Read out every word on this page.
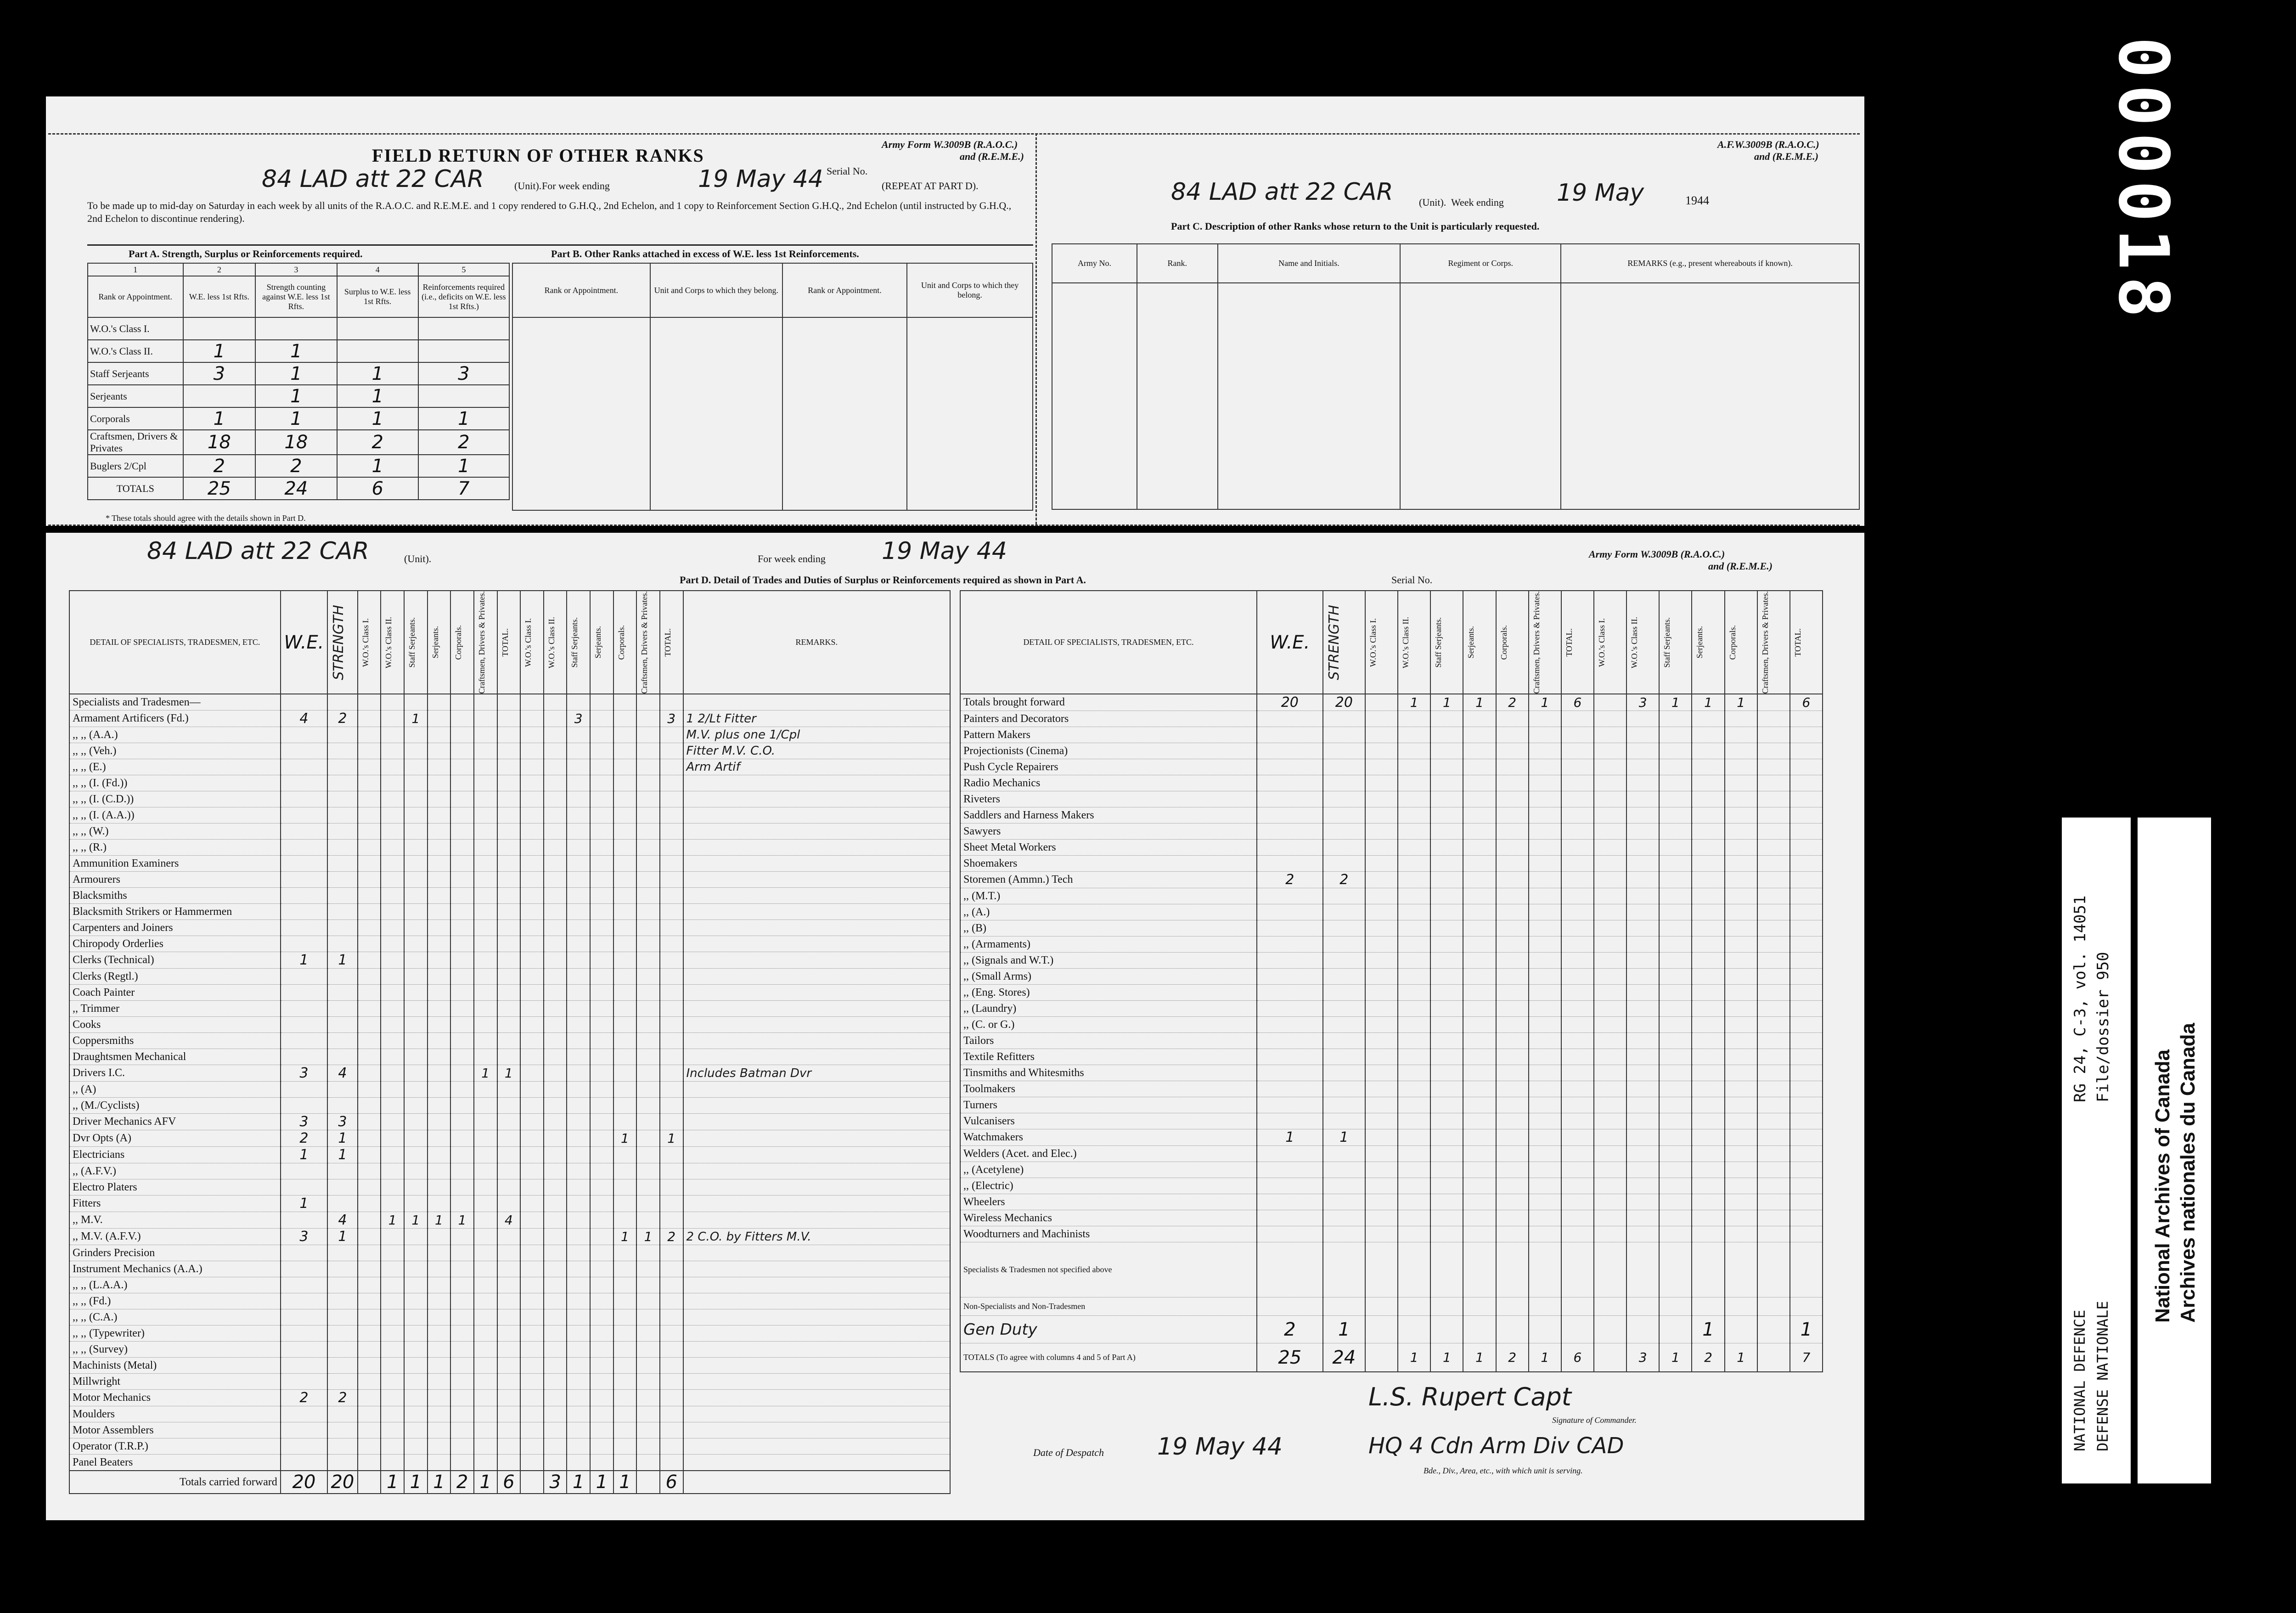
FIELD RETURN OF OTHER RANKS
Army Form W.3009B (R.A.O.C.)
and (R.E.M.E.)
Serial No.
84 LAD att 22 CAR	(Unit). For week ending	19 May 44	(REPEAT AT PART D).
To be made up to mid-day on Saturday in each week by all units of the R.A.O.C. and R.E.M.E. and 1 copy rendered to G.H.Q., 2nd Echelon, and 1 copy to Reinforcement Section G.H.Q., 2nd Echelon (until instructed by G.H.Q., 2nd Echelon to discontinue rendering).
Part A. Strength, Surplus or Reinforcements required.	Part B. Other Ranks attached in excess of W.E. less 1st Reinforcements.
1	2	3	4	5
Rank or Appointment.	W.E. less 1st Rfts.	Strength counting against W.E. less 1st Rfts.	Surplus to W.E. less 1st Rfts.	Reinforcements required (i.e., deficits on W.E. less 1st Rfts.)
W.O.'s Class I.				
W.O.'s Class II.	1	1		
Staff Serjeants	3	1	1	3
Serjeants		1	1	
Corporals	1	1	1	1
Craftsmen, Drivers & Privates	18	18	2	2
Buglers 2/Cpl	2	2	1	1
TOTALS	25	24	6	7
* These totals should agree with the details shown in Part D.
Rank or Appointment.	Unit and Corps to which they belong.	Rank or Appointment.	Unit and Corps to which they belong.

A.F.W.3009B (R.A.O.C.)
and (R.E.M.E.)
84 LAD att 22 CAR	(Unit). Week ending 19 May	1944
Part C. Description of other Ranks whose return to the Unit is particularly requested.
Army No.	Rank.	Name and Initials.	Regiment or Corps.	REMARKS (e.g., present whereabouts if known).

84 LAD att 22 CAR	(Unit).	For week ending 19 May 44
Serial No.
Army Form W.3009B (R.A.O.C.)
and (R.E.M.E.)
Part D. Detail of Trades and Duties of Surplus or Reinforcements required as shown in Part A.
DETAIL OF SPECIALISTS, TRADESMEN, ETC.	W.E.	STRENGTH	W.O.'s Class I.	W.O.'s Class II.	Staff Serjeants.	Serjeants.	Corporals.	Craftsmen, Drivers & Privates.	TOTAL.	W.O.'s Class I.	W.O.'s Class II.	Staff Serjeants.	Serjeants.	Corporals.	Craftsmen, Drivers & Privates.	TOTAL.	REMARKS.
Specialists and Tradesmen—																	
Armament Artificers (Fd.)	4	2			1							3				3	1 2/Lt Fitter
,, ,, (A.A.)																	M.V. plus one 1/Cpl
,, ,, (Veh.)																	Fitter M.V. C.O.
,, ,, (E.)																	Arm Artif
,, ,, (I. (Fd.))																	
,, ,, (I. (C.D.))																	
,, ,, (I. (A.A.))																	
,, ,, (W.)																	
,, ,, (R.)																	
Ammunition Examiners																	
Armourers																	
Blacksmiths																	
Blacksmith Strikers or Hammermen																	
Carpenters and Joiners																	
Chiropody Orderlies																	
Clerks (Technical)	1	1															
Clerks (Regtl.)																	
Coach Painter																	
,, Trimmer																	
Cooks																	
Coppersmiths																	
Draughtsmen Mechanical																	
Drivers I.C.	3	4						1	1								Includes Batman Dvr
,, (A)																	
,, (M./Cyclists)																	
Driver Mechanics AFV	3	3															
Dvr Opts (A)	2	1												1		1	
Electricians	1	1															
,, (A.F.V.)																	
Electro Platers																	
Fitters	1																
,, M.V.		4		1	1	1	1		4								
,, M.V. (A.F.V.)	3	1												1	1	2	2 C.O. by Fitters M.V.
Grinders Precision																	
Instrument Mechanics (A.A.)																	
,, ,, (L.A.A.)																	
,, ,, (Fd.)																	
,, ,, (C.A.)																	
,, ,, (Typewriter)																	
,, ,, (Survey)																	
Machinists (Metal)																	
Millwright																	
Motor Mechanics	2	2															
Moulders																	
Motor Assemblers																	
Operator (T.R.P.)																	
Panel Beaters																	
Totals carried forward	20	20		1	1	1	2	1	6		3	1	1	1		6	
DETAIL OF SPECIALISTS, TRADESMEN, ETC.	W.E.	STRENGTH	W.O.'s Class I.	W.O.'s Class II.	Staff Serjeants.	Serjeants.	Corporals.	Craftsmen, Drivers & Privates.	TOTAL.	W.O.'s Class I.	W.O.'s Class II.	Staff Serjeants.	Serjeants.	Corporals.	Craftsmen, Drivers & Privates.	TOTAL.

Totals brought forward	20	20		1	1	1	2	1	6		3	1	1	1		6
Painters and Decorators																
Pattern Makers																
Projectionists (Cinema)																
Push Cycle Repairers																
Radio Mechanics																
Riveters																
Saddlers and Harness Makers																
Sawyers																
Sheet Metal Workers																
Shoemakers																
Storemen (Ammn.) Tech	2	2														
,, (M.T.)																
,, (A.)																
,, (B)																
,, (Armaments)																
,, (Signals and W.T.)																
,, (Small Arms)																
,, (Eng. Stores)																
,, (Laundry)																
,, (C. or G.)																
Tailors																
Textile Refitters																
Tinsmiths and Whitesmiths																
Toolmakers																
Turners																
Vulcanisers																
Watchmakers	1	1														
Welders (Acet. and Elec.)																
,, (Acetylene)																
,, (Electric)																
Wheelers																
Wireless Mechanics																
Woodturners and Machinists																
Specialists & Tradesmen not specified above																
Non-Specialists and Non-Tradesmen																
Gen Duty	2	1											1			1
TOTALS (To agree with columns 4 and 5 of Part A)	25	24		1	1	1	2	1	6		3	1	2	1		7
L.S. Rupert Capt
Signature of Commander.
Date of Despatch 19 May 44	HQ 4 Cdn Arm Div CAD
Bde., Div., Area, etc., with which unit is serving.
000018
RG 24, C-3, vol. 14051 File/dossier 950
NATIONAL DEFENCE DEFENSE NATIONALE
National Archives of Canada Archives nationales du Canada
